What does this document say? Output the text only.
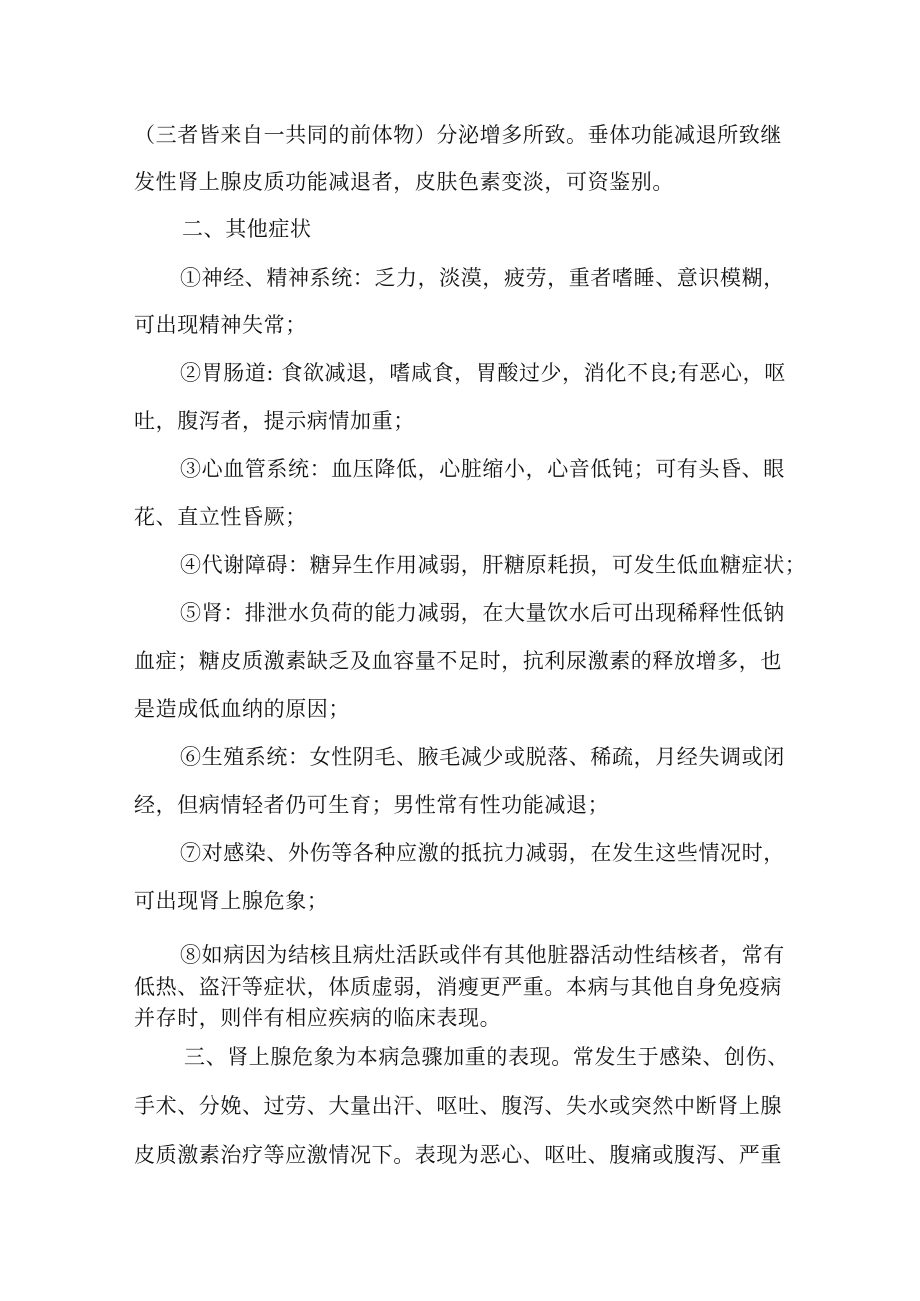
（三者皆来自一共同的前体物）分泌增多所致。垂体功能减退所致继
发性肾上腺皮质功能减退者，皮肤色素变淡，可资鉴别。
二、其他症状
①神经、精神系统：乏力，淡漠，疲劳，重者嗜睡、意识模糊，
可出现精神失常；
②胃肠道: 食欲减退，嗜咸食，胃酸过少，消化不良;有恶心，呕
吐，腹泻者，提示病情加重；
③心血管系统：血压降低，心脏缩小，心音低钝；可有头昏、眼
花、直立性昏厥；
④代谢障碍：糖异生作用减弱，肝糖原耗损，可发生低血糖症状；
⑤肾：排泄水负荷的能力减弱，在大量饮水后可出现稀释性低钠
血症；糖皮质激素缺乏及血容量不足时，抗利尿激素的释放增多，也
是造成低血纳的原因；
⑥生殖系统：女性阴毛、腋毛减少或脱落、稀疏，月经失调或闭
经，但病情轻者仍可生育；男性常有性功能减退；
⑦对感染、外伤等各种应激的抵抗力减弱，在发生这些情况时，
可出现肾上腺危象；
⑧如病因为结核且病灶活跃或伴有其他脏器活动性结核者，常有
低热、盗汗等症状，体质虚弱，消瘦更严重。本病与其他自身免疫病
并存时，则伴有相应疾病的临床表现。
三、肾上腺危象为本病急骤加重的表现。常发生于感染、创伤、
手术、分娩、过劳、大量出汗、呕吐、腹泻、失水或突然中断肾上腺
皮质激素治疗等应激情况下。表现为恶心、呕吐、腹痛或腹泻、严重
